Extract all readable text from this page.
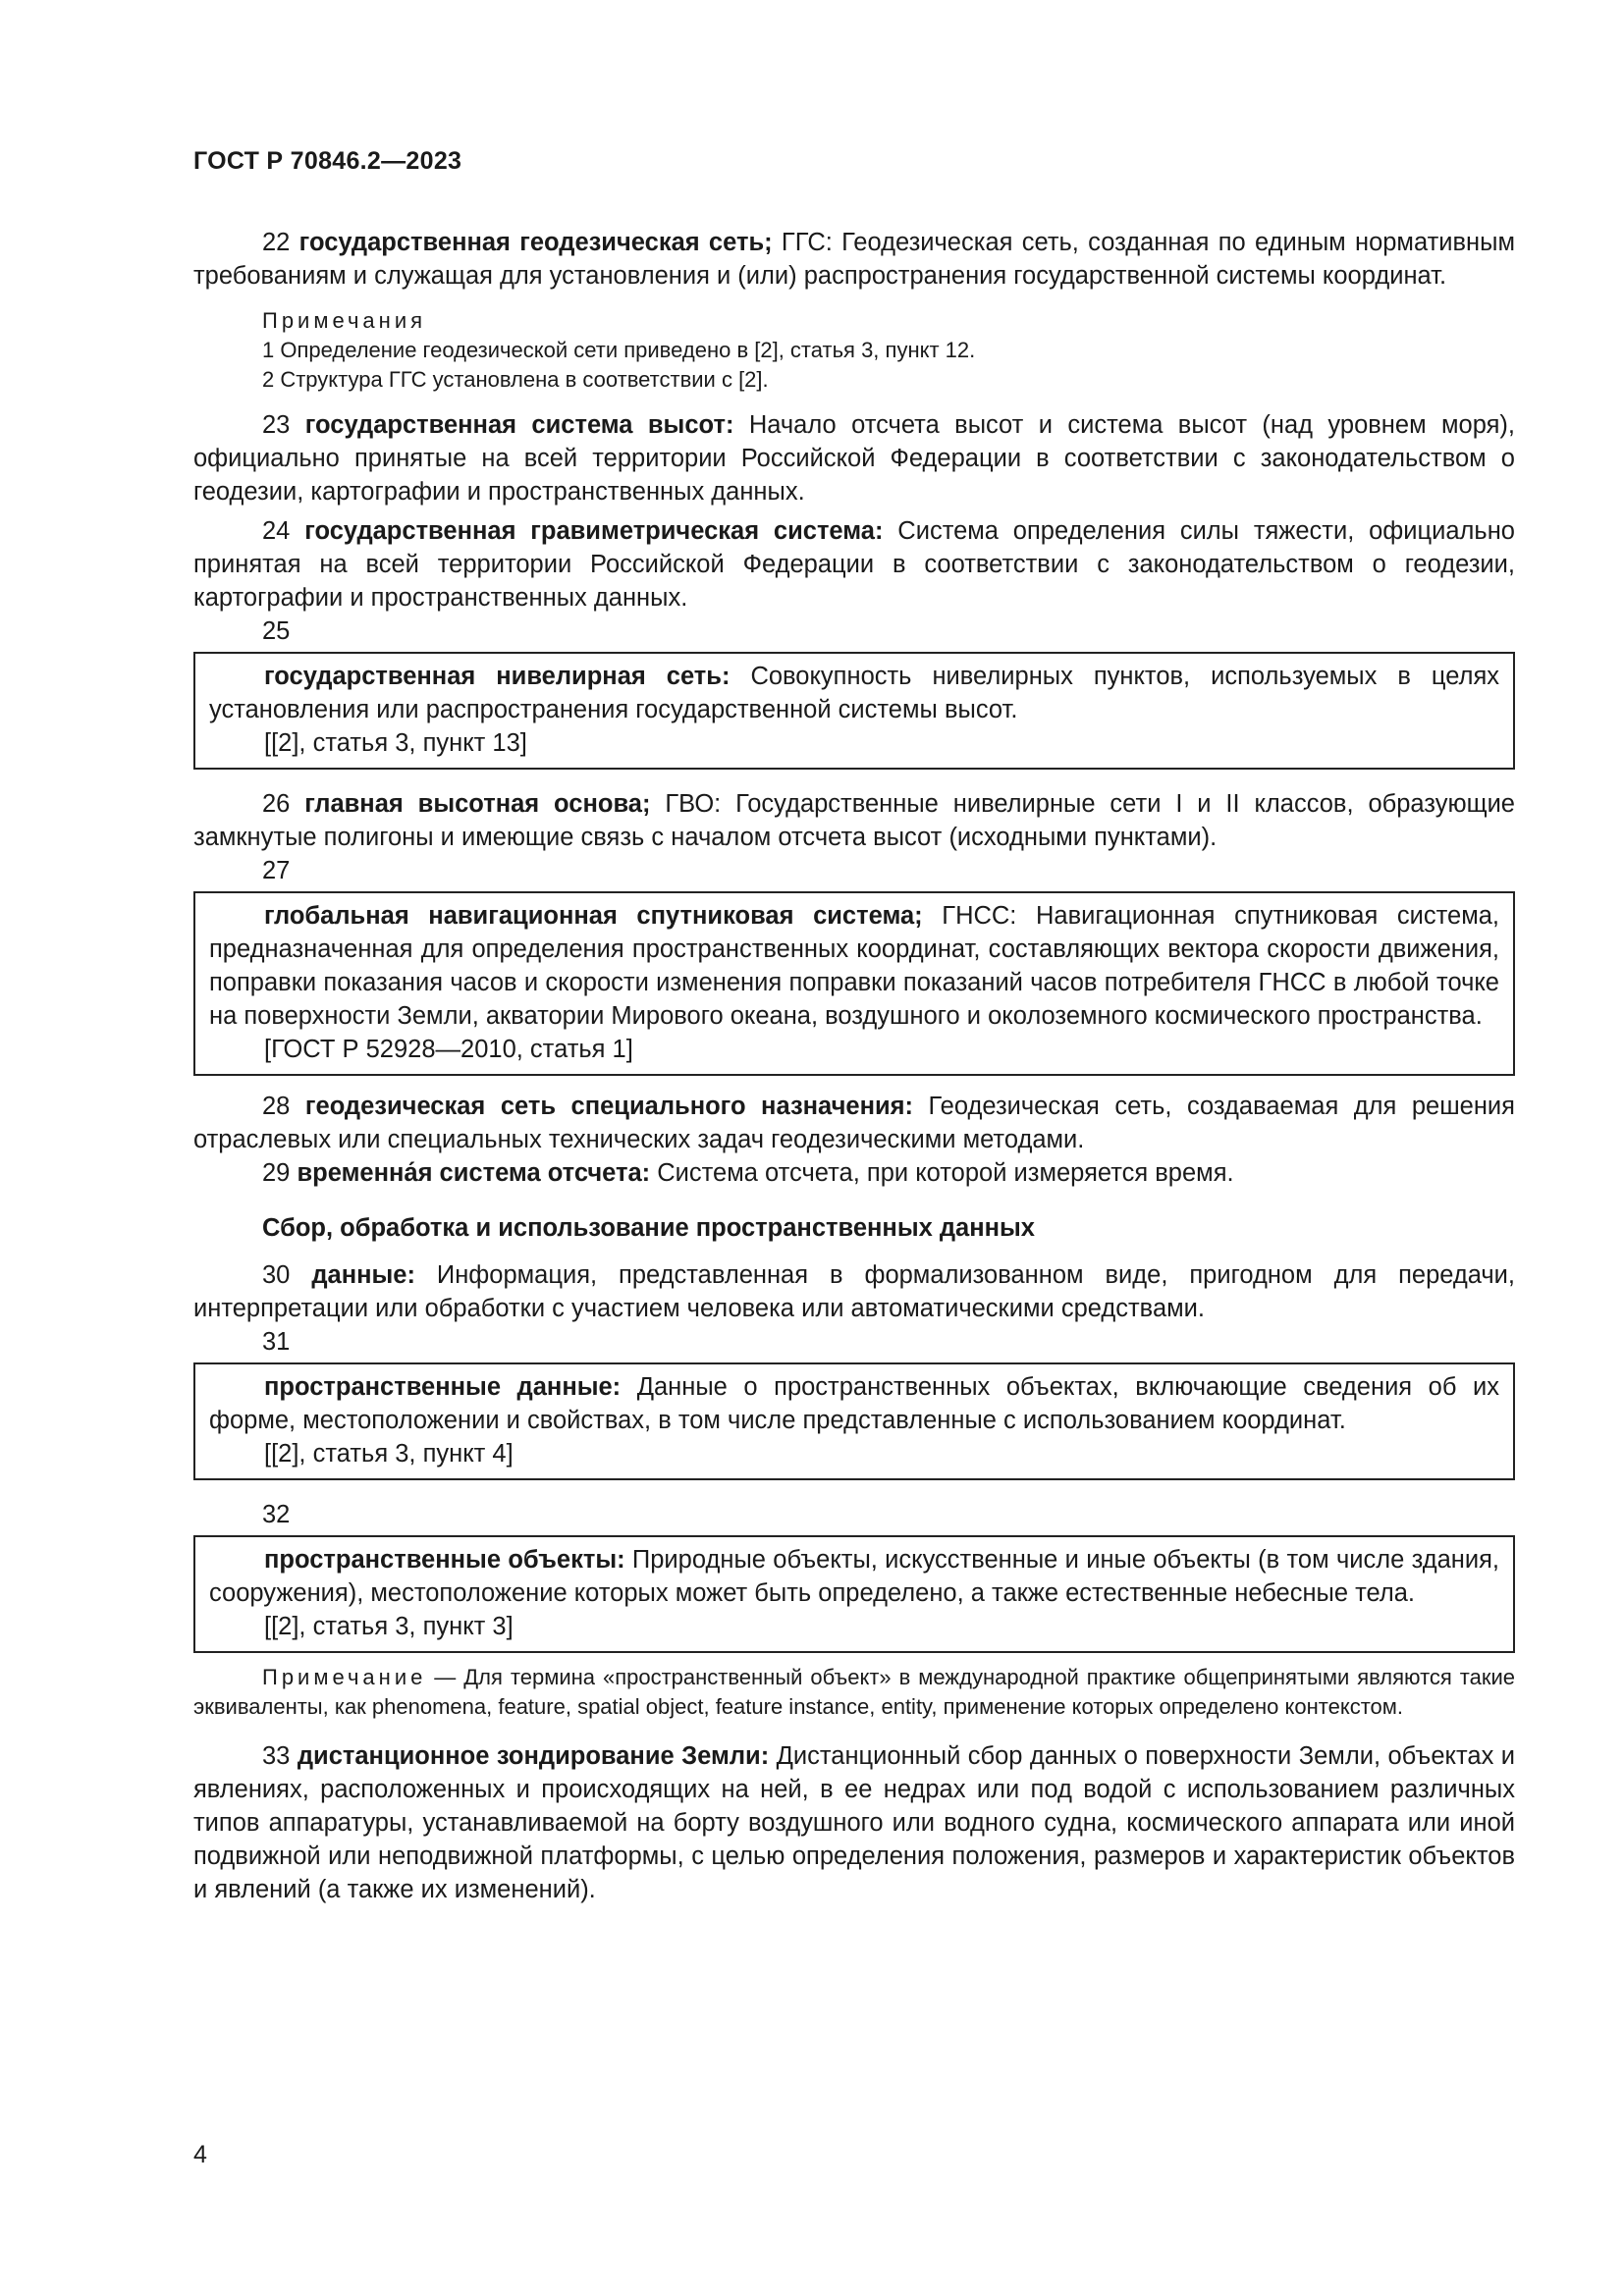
ГОСТ Р 70846.2—2023

22 государственная геодезическая сеть; ГГС: Геодезическая сеть, созданная по единым нормативным требованиям и служащая для установления и (или) распространения государственной системы координат.

Примечания

1 Определение геодезической сети приведено в [2], статья 3, пункт 12.

2 Структура ГГС установлена в соответствии с [2].

23 государственная система высот: Начало отсчета высот и система высот (над уровнем моря), официально принятые на всей территории Российской Федерации в соответствии с законодательством о геодезии, картографии и пространственных данных.

24 государственная гравиметрическая система: Система определения силы тяжести, официально принятая на всей территории Российской Федерации в соответствии с законодательством о геодезии, картографии и пространственных данных.

25

государственная нивелирная сеть: Совокупность нивелирных пунктов, используемых в целях установления или распространения государственной системы высот.

[[2], статья 3, пункт 13]

26 главная высотная основа; ГВО: Государственные нивелирные сети I и II классов, образующие замкнутые полигоны и имеющие связь с началом отсчета высот (исходными пунктами).

27

глобальная навигационная спутниковая система; ГНСС: Навигационная спутниковая система, предназначенная для определения пространственных координат, составляющих вектора скорости движения, поправки показания часов и скорости изменения поправки показаний часов потребителя ГНСС в любой точке на поверхности Земли, акватории Мирового океана, воздушного и околоземного космического пространства.

[ГОСТ Р 52928—2010, статья 1]

28 геодезическая сеть специального назначения: Геодезическая сеть, создаваемая для решения отраслевых или специальных технических задач геодезическими методами.

29 временна́я система отсчета: Система отсчета, при которой измеряется время.

Сбор, обработка и использование пространственных данных

30 данные: Информация, представленная в формализованном виде, пригодном для передачи, интерпретации или обработки с участием человека или автоматическими средствами.

31

пространственные данные: Данные о пространственных объектах, включающие сведения об их форме, местоположении и свойствах, в том числе представленные с использованием координат.

[[2], статья 3, пункт 4]
32

пространственные объекты: Природные объекты, искусственные и иные объекты (в том числе здания, сооружения), местоположение которых может быть определено, а также естественные небесные тела.

[[2], статья 3, пункт 3]

Примечание — Для термина «пространственный объект» в международной практике общепринятыми являются такие эквиваленты, как phenomena, feature, spatial object, feature instance, entity, применение которых определено контекстом.

33 дистанционное зондирование Земли: Дистанционный сбор данных о поверхности Земли, объектах и явлениях, расположенных и происходящих на ней, в ее недрах или под водой с использованием различных типов аппаратуры, устанавливаемой на борту воздушного или водного судна, космического аппарата или иной подвижной или неподвижной платформы, с целью определения положения, размеров и характеристик объектов и явлений (а также их изменений).

4
